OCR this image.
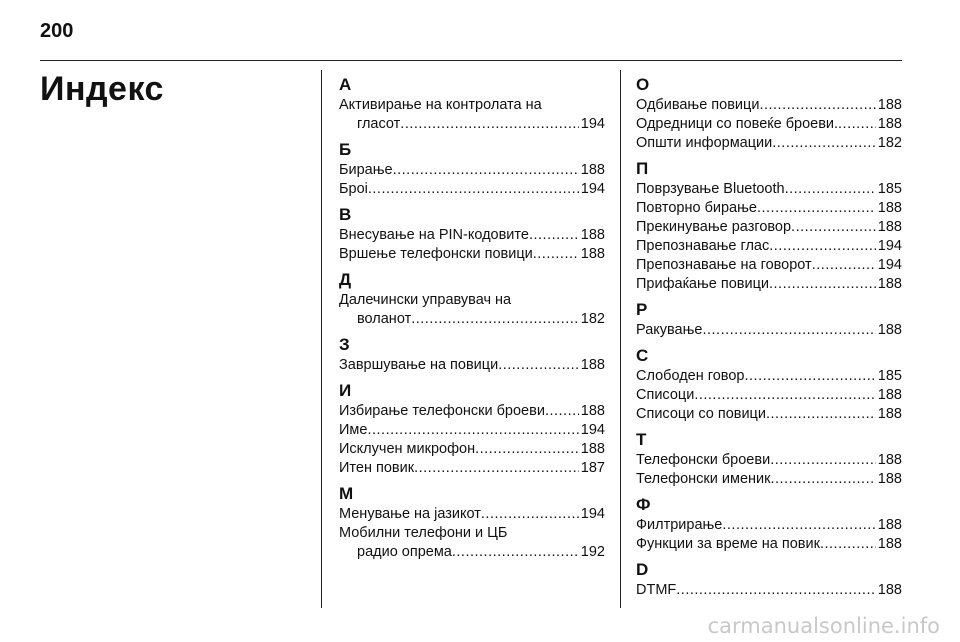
200
Индекс	А
Активирање на контролата на
гласот .....	194
Б
Бирање .....	188
Броі .....	194
В
Внесување на PIN-кодовите .....	188
Вршење телефонски повици .....	188
Д
Далечински управувач на
воланот .....	182
З
Завршување на повици .....	188
И
Избирање телефонски броеви ..... 188
Име .....	194
Исклучен микрофон .....	188
Итен повик .....	187
М
Менување на јазикот .....	194
Мобилни телефони и ЦБ
радио опрема .....	192
О
Одбивање повици .....	188
Одредници со повеќе броеви. .....	188
Општи информации .....	182
П
Поврзување Bluetooth .....	185
Повторно бирање .....	188
Прекинување разговор .....	188
Препознавање глас .....	194
Препознавање на говорот .....	194
Прифаќање повици .....	188
Р
Ракување .....	188
С
Слободен говор .....	185
Списоци .....	188
Списоци со повици .....	188
Т
Телефонски броеви .....	188
Телефонски именик .....	188
Ф
Филтрирање .....	188
Функции за време на повик .....	188
D
DTMF .....	188
carmanualsonline.info
